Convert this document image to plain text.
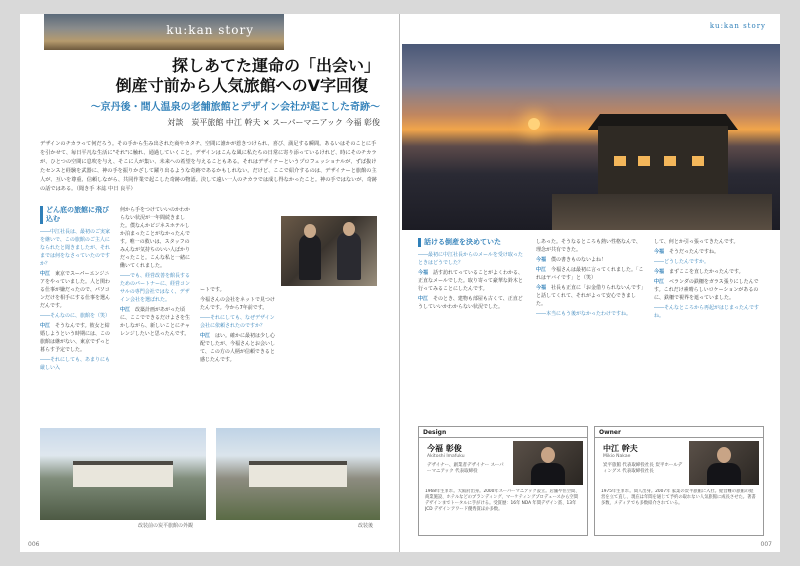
ku:kan story
探しあてた運命の「出会い」
倒産寸前から人気旅館へのV字回復
〜京丹後・間人温泉の老舗旅館とデザイン会社が起こした奇跡〜
対談　炭平旅館 中江 幹夫 × スーパーマニアック 今福 彰俊
デザインのチカラって何だろう。その手から生み出された商やカタチ、空間に誰かが惹きつけられ、喜び、満足する瞬間。あるいはそのことに手を引かせて、毎日平凡な生活に"それ"に触れ、通過していくこと。デザインはこんな風に私たちの日常に寄り添っているけれど、時にそのチカラが、ひとつの空間に息吹を与え、そこに人が集い、未来への希望を与えることもある。それはデザイナーというプロフェッショナルが、ずば抜けたセンスと経験を武器に、神の手を振りかざして躍り出るような奇跡であるかもしれない。だけど、ここで紹介するのは、デザイナーと旅館の主人が、互いを尊重、信頼しながら、共同作業で起こした奇跡の物語。決して遠い一人のチカラでは成し得なかったこと。神の手ではないが、奇跡の話ではある。（聞き手 本誌 中日 良平）
どん底の旅館に飛び込む

――中江社長は、最初のご実家を継いで、この旅館のご主人になられたと聞きましたが、それまでは何をなさっていたのですか？

中江　東京でスーパーエンジニアをやっていました。人と関わる仕事が嫌だったので、パソコンだけを相手にする仕事を選んだんです。

――そんなのに、旅館を（笑）

中江　そうなんです。彼女と結婚しようという時期には、この旅館は継がない、東京でずっと暮らす予定でした。

――それにしても、あまりにも厳しい入

何から手をつけていいのかわからない状況が一年間続きました。僕なんかビジネスホテルしか泊まったことがなかったんです。唯一の救いは、スタッフのみんなが気持ちのいい人ばかりだったこと。こんな私と一緒に働いてくれました。

――でも、経営改善を館長するためのパートナーに、経営コンサルの専門会社ではなく、デザイン会社を選ばれた。

中江　改築計画があがった頃に、ここでできるだけよさを生かしながら、新しいことにチャレンジしたいと思ったんです。

ートです。

今福さんの会社をネットで見つけたんです。今から7年前です。

――それにしても、なぜデザイン会社に依頼されたのですか？

中江　はい。確かに最初は少し心配でしたが、今福さんとお会いして、この方の人柄が信頼できると感じたんです。

改装前の炭平旅館の外観	改装後
006
ku:kan story
話ける倒産を決めていた

――最初に中江社長からのメールを受け取ったときはどうでした？

今福　話す訪れてっていることがよくわかる、正直なメールでした。取り寄って豪華な鈴木と行ってみることにしたんです。

中江　そのとき、建物も部屋も古くて、正直どうしていいかわからない状況でした。

しあった。そうなるところも熱い性格なんで、理念が共有できた。

今福　僕の書きものないよね！

中江　今福さんは最初に言ってくれました。「これはヤバイです」と（笑）

今福　社長も正直に「お金借りられないんです」と話してくれて、それがよって安心できました。

――本当にもう後がなかったわけですね。

して、何とか引っ張ってきたんです。

今福　そうだったんですね。

――どうしたんですか。

今福　まずここを直したかったんです。

中江　ベランダの鉄柵をガラス張りにしたんです。これだけ素晴らしいロケーションがあるのに、鉄柵で視界を遮っていました。

――そんなところから再起がはじまったんですね。

Design
今福 彰俊
Akitoshi Imafuku
デザイナー、創業者デザイナー スーパーマニアック 代表取締役
1968年生まれ。大阪府出身。2000年スーパーマニアック設立。店舗や住空間、商業施設、ホテルなどのブランディング、マーケティングプロデュースから空間デザインまでトータルに手がける。受賞歴：16年 NDA 年間デザイン賞、13年 JCD デザインアワード優秀賞ほか多数。
Owner
中江 幹夫
Mikio Nakae
炭平旅館 代表取締役社長 炭平ホールディングス 代表取締役社長
1975年生まれ。間人出身。2007年 家業の炭平旅館に入社。経営難の旅館の経営を立て直し、現在は年間を通じて予約の取れない人気旅館に成長させた。著書多数、メディアでも多数紹介されている。
007
